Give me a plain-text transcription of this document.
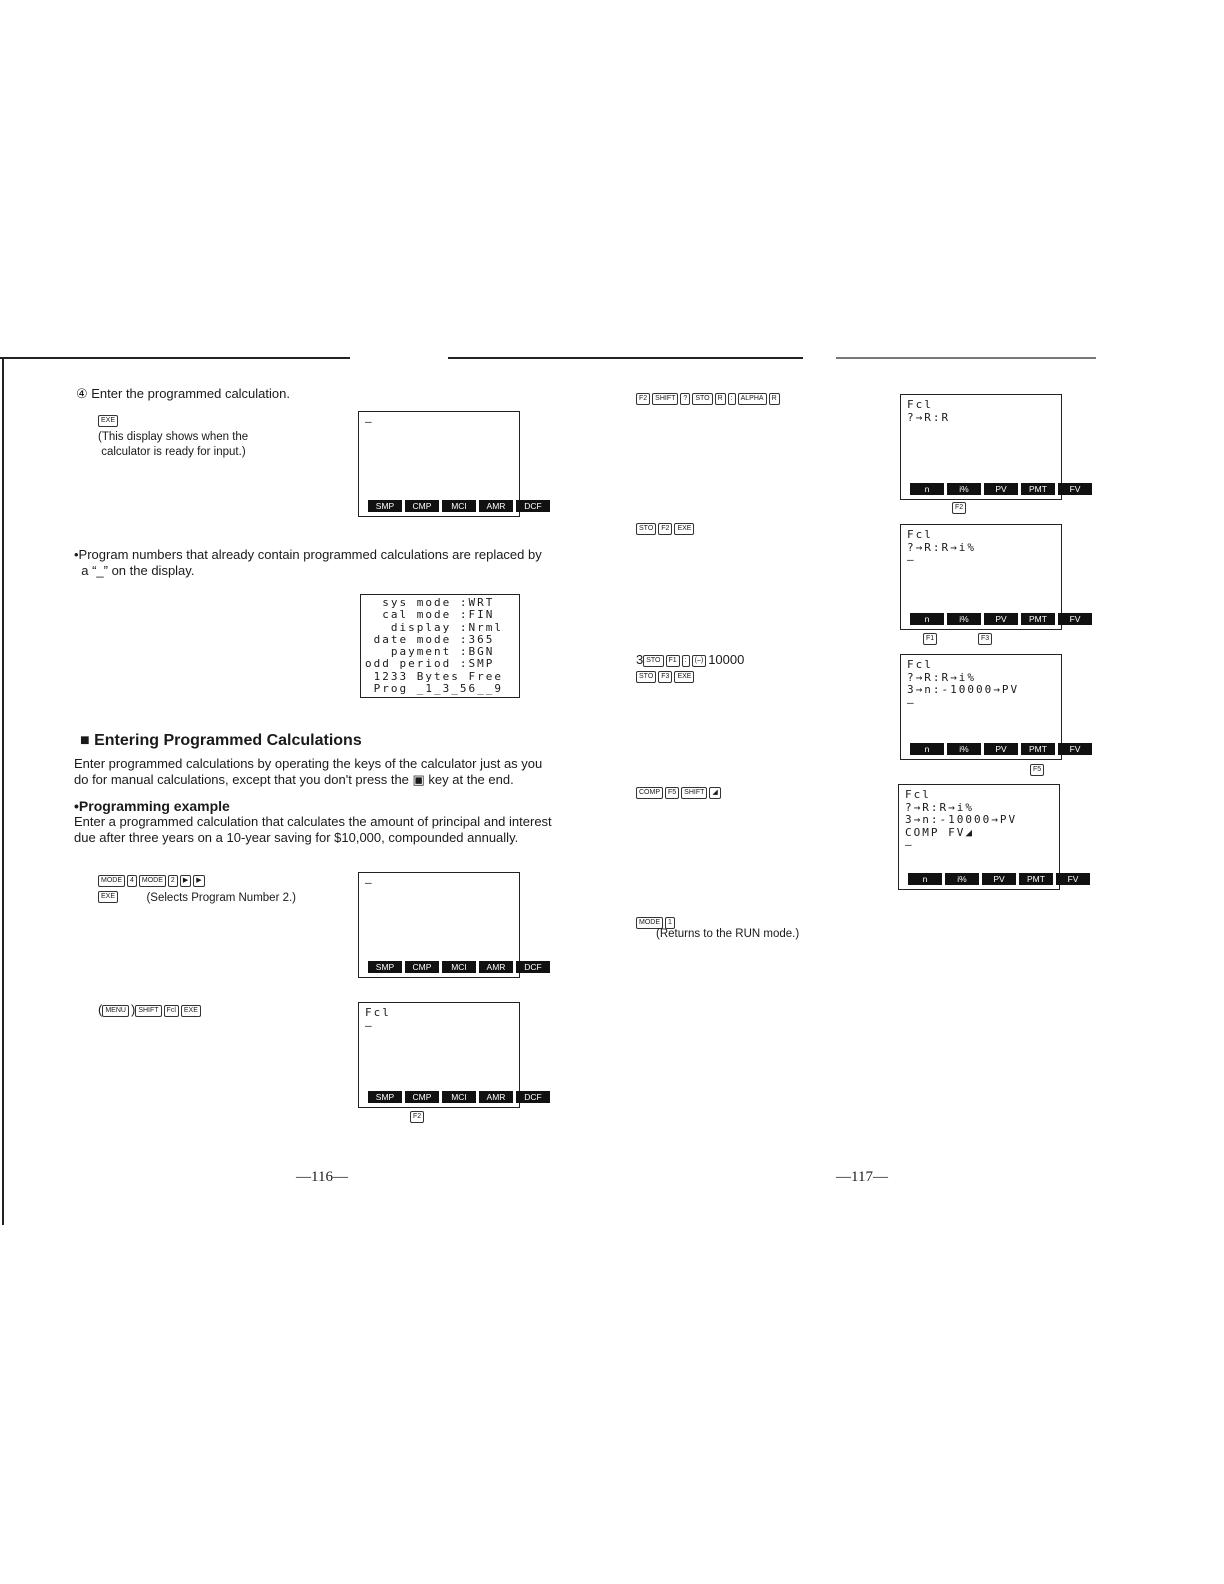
④ Enter the programmed calculation.
EXE
(This display shows when the
calculator is ready for input.)
–
SMP	CMP	MCI	AMR	DCF
•Program numbers that already contain programmed calculations are replaced by
a “_” on the display.
sys mode :WRT
cal mode :FIN
display :Nrml
date mode :365
payment :BGN
odd period :SMP
1233 Bytes Free
Prog _1_3_56__9
■ Entering Programmed Calculations
Enter programmed calculations by operating the keys of the calculator just as you
do for manual calculations, except that you don't press the ▣ key at the end.
•Programming example
Enter a programmed calculation that calculates the amount of principal and interest
due after three years on a 10-year saving for $10,000, compounded annually.
MODE 4 MODE 2 ▶ ▶
EXE	(Selects Program Number 2.)
–
SMP	CMP	MCI	AMR	DCF
( MENU ) SHIFT Fcl EXE	Fcl
–
SMP	CMP	MCI	AMR	DCF
F2
—116—
F2 SHIFT ? STO R : ALPHA R	Fcl
?→R:R
n	i%	PV	PMT	FV
F2
STO F2 EXE	Fcl
?→R:R→i%
–
n	i%	PV	PMT	FV
F1	F3
3 STO F1 : (–) 10000
STO F3 EXE
Fcl
?→R:R→i%
3→n:-10000→PV
–
n	i%	PV	PMT	FV
F5
COMP F5 SHIFT ◢	Fcl
?→R:R→i%
3→n:-10000→PV
COMP FV◢
–
n	i%	PV	PMT	FV
MODE 1
(Returns to the RUN mode.)
—117—
